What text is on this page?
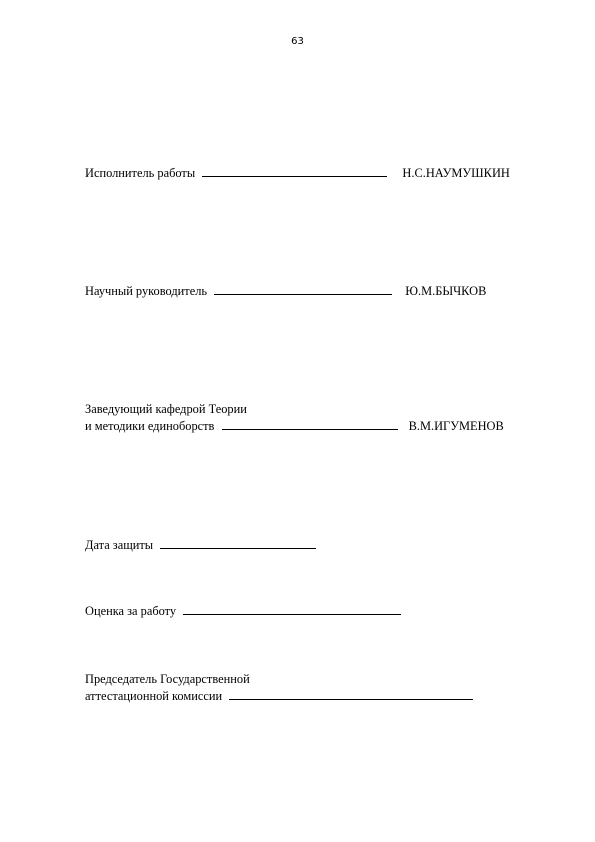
63
Исполнитель работы	Н.С.НАУМУШКИН
Научный руководитель	Ю.М.БЫЧКОВ
Заведующий кафедрой Теории
и методики единоборств	В.М.ИГУМЕНОВ
Дата защиты
Оценка за работу
Председатель Государственной
аттестационной комиссии
